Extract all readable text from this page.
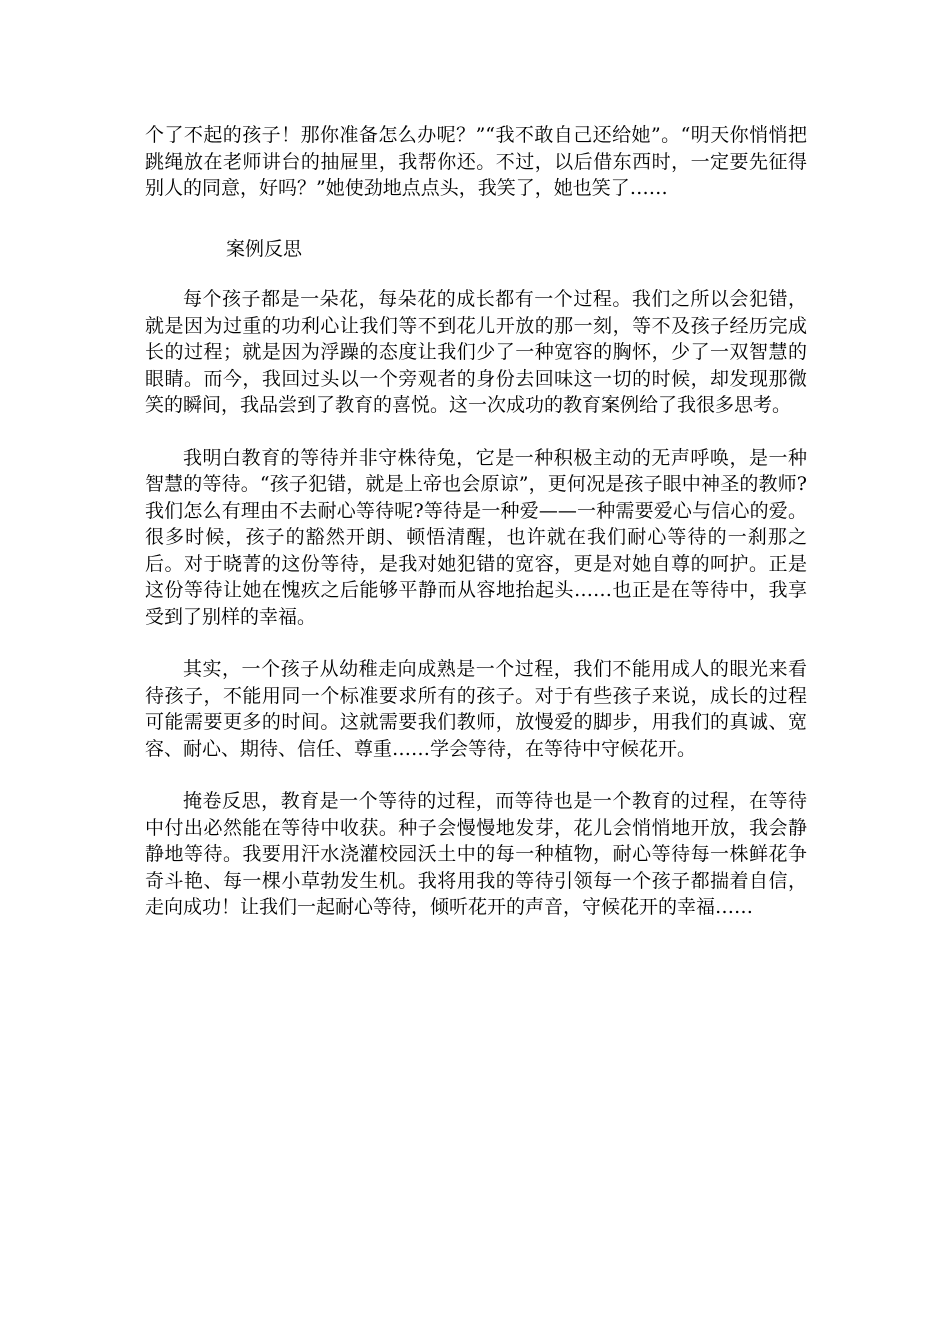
个了不起的孩子！那你准备怎么办呢？”“我不敢自己还给她”。“明天你悄悄把跳绳放在老师讲台的抽屉里，我帮你还。不过，以后借东西时，一定要先征得别人的同意，好吗？”她使劲地点点头，我笑了，她也笑了……

案例反思

每个孩子都是一朵花，每朵花的成长都有一个过程。我们之所以会犯错，就是因为过重的功利心让我们等不到花儿开放的那一刻，等不及孩子经历完成长的过程；就是因为浮躁的态度让我们少了一种宽容的胸怀，少了一双智慧的眼睛。而今，我回过头以一个旁观者的身份去回味这一切的时候，却发现那微笑的瞬间，我品尝到了教育的喜悦。这一次成功的教育案例给了我很多思考。

我明白教育的等待并非守株待兔，它是一种积极主动的无声呼唤，是一种智慧的等待。“孩子犯错，就是上帝也会原谅”，更何况是孩子眼中神圣的教师?我们怎么有理由不去耐心等待呢?等待是一种爱——一种需要爱心与信心的爱。很多时候，孩子的豁然开朗、顿悟清醒，也许就在我们耐心等待的一刹那之后。对于晓菁的这份等待，是我对她犯错的宽容，更是对她自尊的呵护。正是这份等待让她在愧疚之后能够平静而从容地抬起头……也正是在等待中，我享受到了别样的幸福。

其实，一个孩子从幼稚走向成熟是一个过程，我们不能用成人的眼光来看待孩子，不能用同一个标准要求所有的孩子。对于有些孩子来说，成长的过程可能需要更多的时间。这就需要我们教师，放慢爱的脚步，用我们的真诚、宽容、耐心、期待、信任、尊重……学会等待，在等待中守候花开。

掩卷反思，教育是一个等待的过程，而等待也是一个教育的过程，在等待中付出必然能在等待中收获。种子会慢慢地发芽，花儿会悄悄地开放，我会静静地等待。我要用汗水浇灌校园沃土中的每一种植物，耐心等待每一株鲜花争奇斗艳、每一棵小草勃发生机。我将用我的等待引领每一个孩子都揣着自信，走向成功！让我们一起耐心等待，倾听花开的声音，守候花开的幸福……
